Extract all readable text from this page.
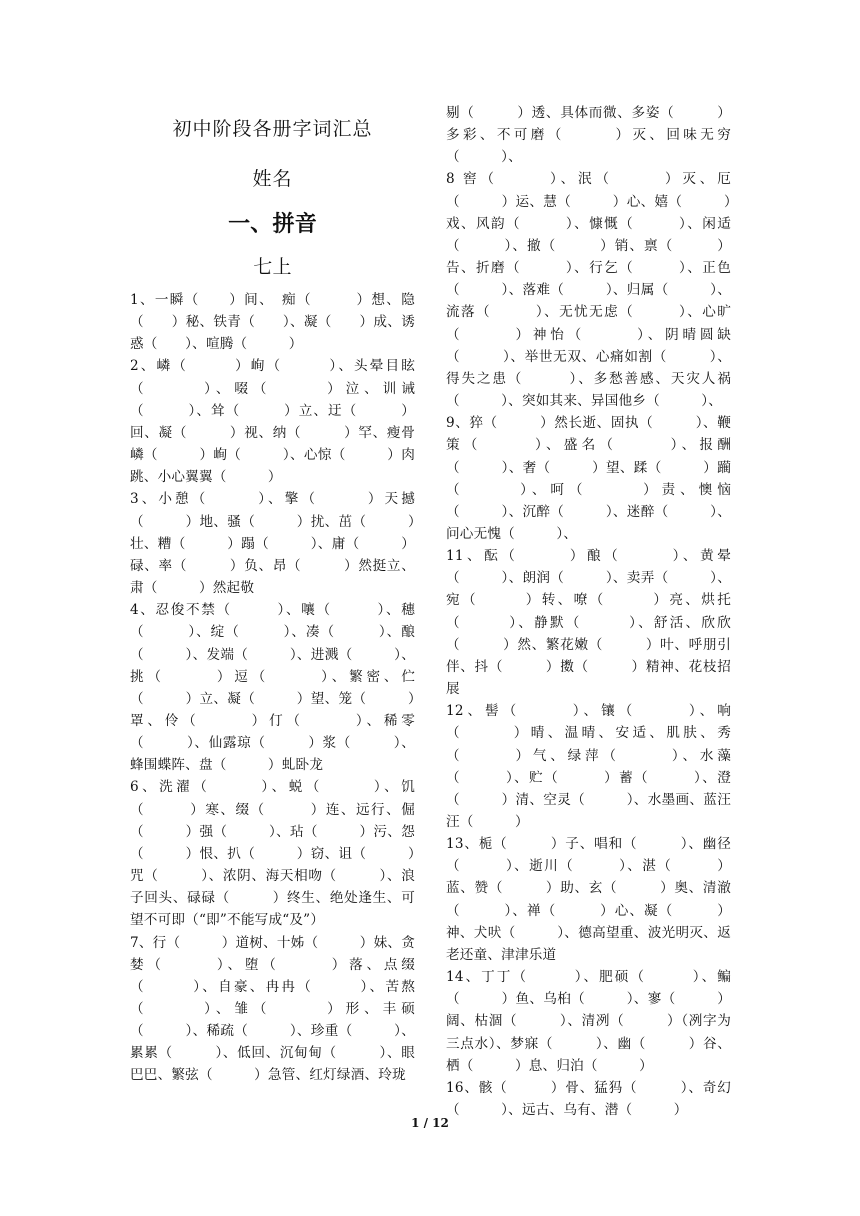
初中阶段各册字词汇总
姓名
一、拼音
七上
1、一瞬（　　）间、　痴（　　　）想、隐（　　）秘、铁青（　　）、凝（　　）成、诱惑（　　）、喧腾（　　　）
2、嶙（　　　）峋（　　　）、头晕目眩（　　　）、啜（　　　）泣、训诫（　　　）、耸（　　　）立、迂（　　　）回、凝（　　　）视、纳（　　　）罕、瘦骨嶙（　　　）峋（　　　）、心惊（　　　）肉跳、小心翼翼（　　　）
3、小憩（　　　）、擎（　　　）天撼（　　　）地、骚（　　　）扰、茁（　　　）壮、糟（　　　）蹋（　　　）、庸（　　　）碌、率（　　　）负、昂（　　　）然挺立、肃（　　　）然起敬
4、忍俊不禁（　　　）、嚷（　　　）、穗（　　　）、绽（　　　）、凑（　　　）、酿（　　　）、发端（　　　）、进溅（　　　）、挑（　　　）逗（　　　）、繁密、伫（　　　）立、凝（　　　）望、笼（　　　）罩、伶（　　　）仃（　　　）、稀零（　　　）、仙露琼（　　　）浆（　　　）、蜂围蝶阵、盘（　　　）虬卧龙
6、洗濯（　　　）、蜕（　　　）、饥（　　　）寒、缀（　　　）连、远行、倔（　　　）强（　　　）、玷（　　　）污、怨（　　　）恨、扒（　　　）窃、诅（　　　）咒（　　　）、浓阴、海天相吻（　　　）、浪子回头、碌碌（　　　）终生、绝处逢生、可望不可即（“即”不能写成“及”）
7、行（　　　）道树、十姊（　　　）妹、贪婪（　　　）、堕（　　　）落、点缀（　　　）、自豪、冉冉（　　　）、苦熬（　　　）、雏（　　　）形、丰硕（　　　）、稀疏（　　　）、珍重（　　　）、累累（　　　）、低回、沉甸甸（　　　）、眼巴巴、繁弦（　　　）急管、红灯绿酒、玲珑
剔（　　　）透、具体而微、多姿（　　　）多彩、不可磨（　　　）灭、回味无穷（　　　）、
8 窖（　　　）、泯（　　　）灭、厄（　　　）运、慧（　　　）心、嬉（　　　）戏、风韵（　　　）、慷慨（　　　）、闲适（　　　）、撤（　　　）销、禀（　　　）告、折磨（　　　）、行乞（　　　）、正色（　　　）、落难（　　　）、归属（　　　）、流落（　　　）、无忧无虑（　　　）、心旷（　　　）神怡（　　　）、阴晴圆缺（　　　）、举世无双、心痛如割（　　　）、得失之患（　　　）、多愁善感、天灾人祸（　　　）、突如其来、异国他乡（　　　）、
9、猝（　　　）然长逝、固执（　　　）、鞭策（　　　）、盛名（　　　）、报酬（　　　）、奢（　　　）望、蹂（　　　）躏（　　　）、呵（　　　）责、懊恼（　　　）、沉醉（　　　）、迷醉（　　　）、问心无愧（　　　）、
11、酝（　　　）酿（　　　）、黄晕（　　　）、朗润（　　　）、卖弄（　　　）、宛（　　　）转、嘹（　　　）亮、烘托（　　　）、静默（　　　）、舒活、欣欣（　　　）然、繁花嫩（　　　）叶、呼朋引伴、抖（　　　）擞（　　　）精神、花枝招展
12、髻（　　　）、镶（　　　）、响（　　　）晴、温晴、安适、肌肤、秀（　　　）气、绿萍（　　　）、水藻（　　　）、贮（　　　）蓄（　　　）、澄（　　　）清、空灵（　　　）、水墨画、蓝汪汪（　　　）
13、栀（　　　）子、唱和（　　　）、幽径（　　　）、逝川（　　　）、湛（　　　）蓝、赞（　　　）助、玄（　　　）奥、清澈（　　　）、禅（　　　）心、凝（　　　）神、犬吠（　　　）、德高望重、波光明灭、返老还童、津津乐道
14、丁丁（　　　）、肥硕（　　　）、鳊（　　　）鱼、乌桕（　　　）、寥（　　　）阔、枯涸（　　　）、清冽（　　　）（冽字为三点水）、梦寐（　　　）、幽（　　　）谷、栖（　　　）息、归泊（　　　）
16、骸（　　　）骨、猛犸（　　　）、奇幻（　　　）、远古、乌有、潜（　　　）
1 / 12
